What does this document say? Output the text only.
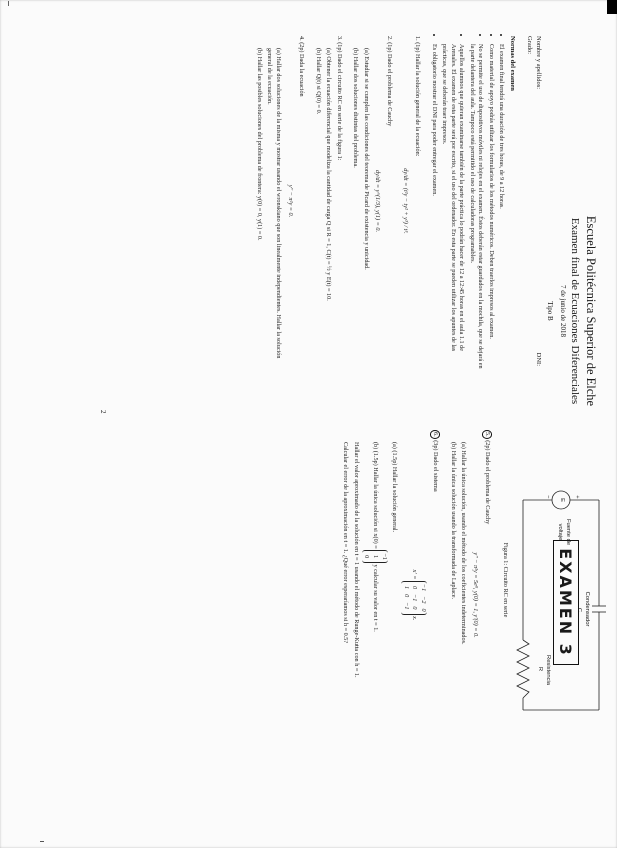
Escuela Politécnica Superior de Elche
Examen final de Ecuaciones Diferenciales
7 de junio de 2018
Tipo B
Nombre y apellidos:
DNI:
Grado:
Normas del examen
• El examen final tendrá una duración de tres horas, de 9 a 12 horas.
• Como material de apoyo podrás utilizar los formularios de los métodos numéricos. Deben traerlos impresos al examen.
• No se permite el uso de dispositivos móviles ni relojes en el examen. Éstos deberán estar guardados en la mochila, que se dejará en la parte delantera del aula. Tampoco está permitido el uso de calculadoras programables.
• Aquellos alumnos que quieran examinarse también de la parte práctica lo podrán hacer de 12 a 12:45 horas en el aula 1.1 de Arenales. El examen de esta parte será por escrito, si el uso del ordenador. En esta parte se pueden utilizar los apuntes de las prácticas, que se deberán traer impresos.
• Es obligatorio mostrar el DNI para poder entregar el examen.
1. (1p) Hallar la solución general de la ecuación:
dy/dt = (t²y − ty² + y³) / t³.
2. (1p) Dado el problema de Cauchy
dy/dt = y^(1/3), y(1) = 0.
(a) Estudiar si se cumplen las condiciones del teorema de Picard de existencia y unicidad.
(b) Hallar dos soluciones distintas del problema.
3. (1p) Dado el circuito RC en serie de la figura 1:
(a) Obtener la ecuación diferencial que modeliza la cantidad de carga Q si R = 1, C(t) = ½ y E(t) = 10.
(b) Hallar Q(t) si Q(0) = 0.
4. (2p) Dada la ecuación
y'' − π²y = 0.
(a) Hallar dos soluciones de la misma y mostrar usando el wronskiano que son linealmente independientes. Hallar la solución general de la ecuación.
(b) Hallar las posibles soluciones del problema de frontera: y(0) = 0, y(1) = 0.
E
+
−
Fuente de voltaje
Condensador
C
Resistencia
R
Figura 1: Circuito RC en serie
5. (2p) Dado el problema de Cauchy
y'' − π²y = 5eᵗᵗ, y(0) = 1, y'(0) = 0.
(a) Hallar la única solución, usando el método de los coeficientes indeterminados.
(b) Hallar la única solución usando la transformada de Laplace.
6. (3p) Dado el sistema
x' =
−1
−2
0
0
−1
0
1
0
−1
x.
(a) (1.5p) Hallar la solución general.
(b) (1.5p) Hallar la única solución si x(0) =
−1
1
0
y calcular su valor en t = 1.
Hallar el valor aproximado de la solución en t = 1 usando el método de Runge-Kutta con h = 1.
Calcular el error de la aproximación en t = 1. ¿Qué error esperaríamos si h = 0.5?
2
EXAMEN 3
